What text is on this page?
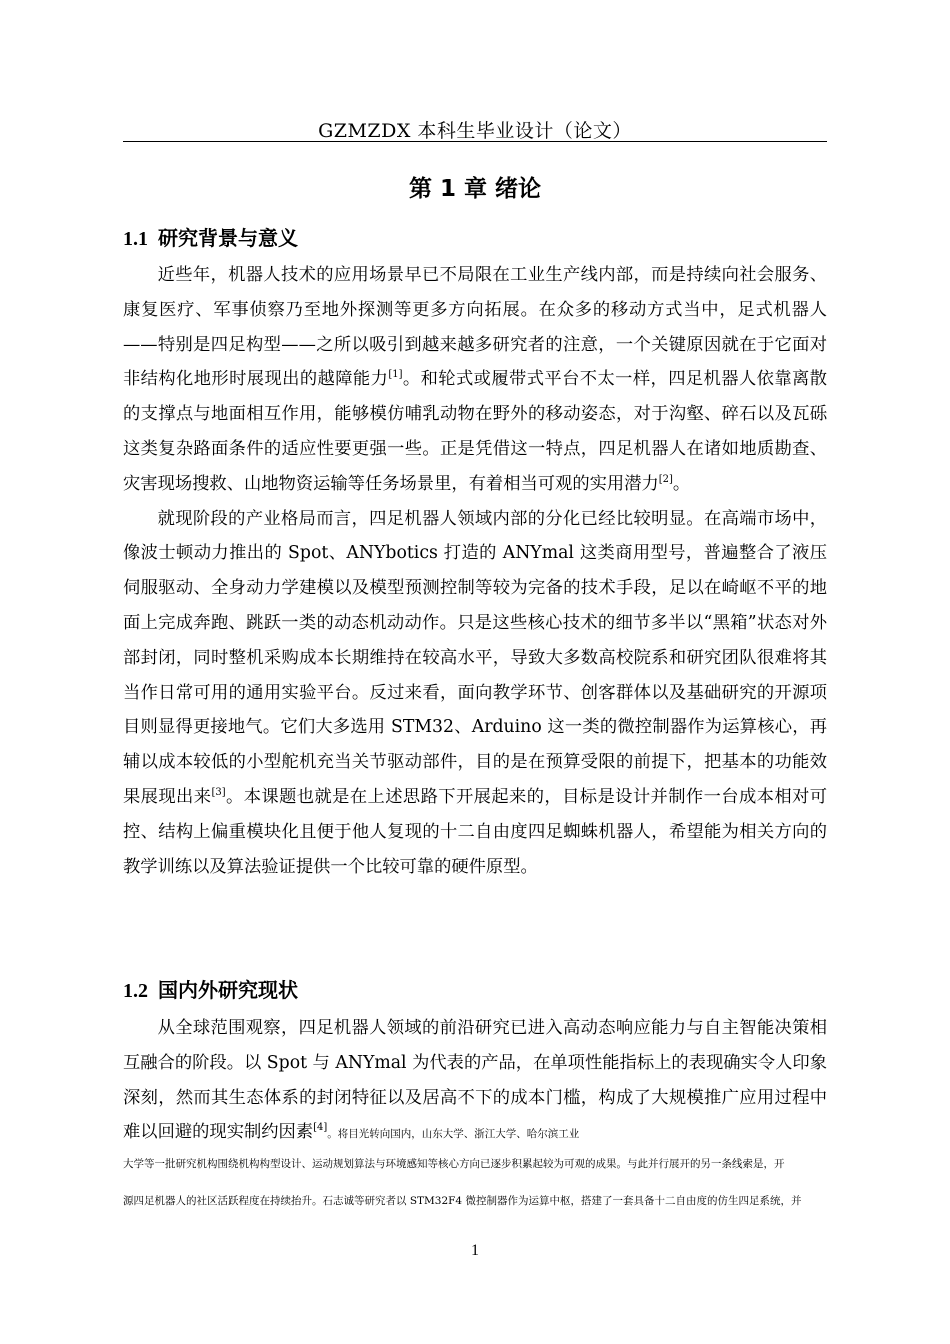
GZMZDX 本科生毕业设计（论文）
第 1 章 绪论
1.1 研究背景与意义

近些年，机器人技术的应用场景早已不局限在工业生产线内部，而是持续向社会服务、康复医疗、军事侦察乃至地外探测等更多方向拓展。在众多的移动方式当中，足式机器人——特别是四足构型——之所以吸引到越来越多研究者的注意，一个关键原因就在于它面对非结构化地形时展现出的越障能力[1]。和轮式或履带式平台不太一样，四足机器人依靠离散的支撑点与地面相互作用，能够模仿哺乳动物在野外的移动姿态，对于沟壑、碎石以及瓦砾这类复杂路面条件的适应性要更强一些。正是凭借这一特点，四足机器人在诸如地质勘查、灾害现场搜救、山地物资运输等任务场景里，有着相当可观的实用潜力[2]。

就现阶段的产业格局而言，四足机器人领域内部的分化已经比较明显。在高端市场中，像波士顿动力推出的 Spot、ANYbotics 打造的 ANYmal 这类商用型号，普遍整合了液压伺服驱动、全身动力学建模以及模型预测控制等较为完备的技术手段，足以在崎岖不平的地面上完成奔跑、跳跃一类的动态机动动作。只是这些核心技术的细节多半以“黑箱”状态对外部封闭，同时整机采购成本长期维持在较高水平，导致大多数高校院系和研究团队很难将其当作日常可用的通用实验平台。反过来看，面向教学环节、创客群体以及基础研究的开源项目则显得更接地气。它们大多选用 STM32、Arduino 这一类的微控制器作为运算核心，再辅以成本较低的小型舵机充当关节驱动部件，目的是在预算受限的前提下，把基本的功能效果展现出来[3]。本课题也就是在上述思路下开展起来的，目标是设计并制作一台成本相对可控、结构上偏重模块化且便于他人复现的十二自由度四足蜘蛛机器人，希望能为相关方向的教学训练以及算法验证提供一个比较可靠的硬件原型。

1.2 国内外研究现状

从全球范围观察，四足机器人领域的前沿研究已进入高动态响应能力与自主智能决策相互融合的阶段。以 Spot 与 ANYmal 为代表的产品，在单项性能指标上的表现确实令人印象深刻，然而其生态体系的封闭特征以及居高不下的成本门槛，构成了大规模推广应用过程中难以回避的现实制约因素[4]。将目光转向国内，山东大学、浙江大学、哈尔滨工业

大学等一批研究机构围绕机构构型设计、运动规划算法与环境感知等核心方向已逐步积累起较为可观的成果。与此并行展开的另一条线索是，开
源四足机器人的社区活跃程度在持续抬升。石志诚等研究者以 STM32F4 微控制器作为运算中枢，搭建了一套具备十二自由度的仿生四足系统，并
1
